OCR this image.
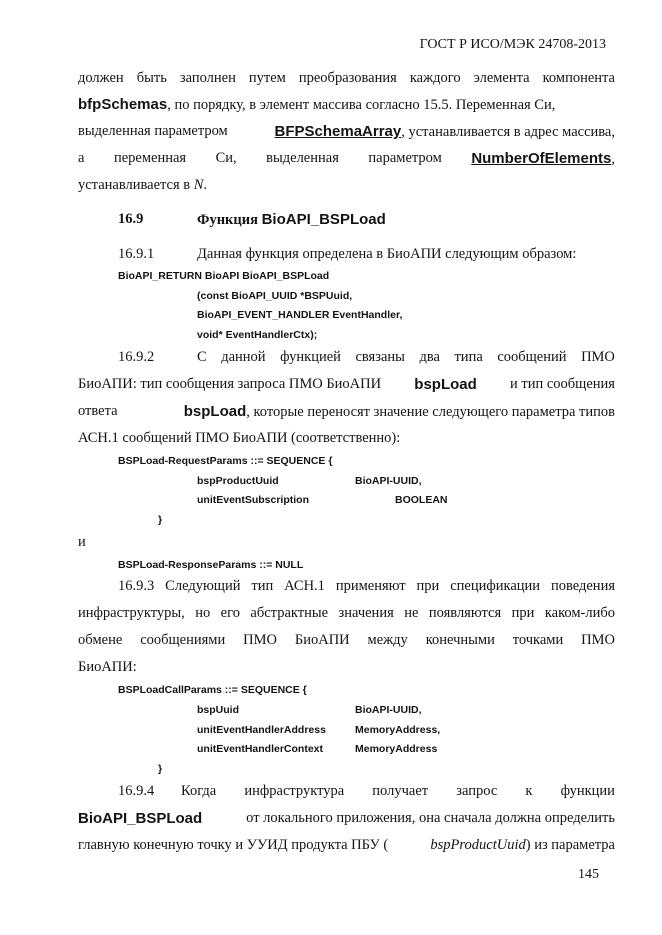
ГОСТ Р ИСО/МЭК 24708-2013
должен быть заполнен путем преобразования каждого элемента компонента
bfpSchemas, по порядку, в элемент массива согласно 15.5. Переменная Си,
выделенная параметром	BFPSchemaArray, устанавливается в адрес массива,
а переменная Си, выделенная параметром NumberOfElements,
устанавливается в N.
16.9	Функция BioAPI_BSPLoad
16.9.1	Данная функция определена в БиоАПИ следующим образом:
BioAPI_RETURN BioAPI BioAPI_BSPLoad
(const BioAPI_UUID *BSPUuid,
BioAPI_EVENT_HANDLER EventHandler,
void* EventHandlerCtx);
16.9.2	С данной функцией связаны два типа сообщений ПМО
БиоАПИ: тип сообщения запроса ПМО БиоАПИ bspLoad и тип сообщения
ответа	bspLoad, которые переносят значение следующего параметра типов
АСН.1 сообщений ПМО БиоАПИ (соответственно):
BSPLoad-RequestParams ::= SEQUENCE {
bspProductUuid	BioAPI-UUID,
unitEventSubscription	BOOLEAN
}
и
BSPLoad-ResponseParams ::= NULL
16.9.3 Следующий тип АСН.1 применяют при спецификации поведения
инфраструктуры, но его абстрактные значения не появляются при каком-либо
обмене сообщениями ПМО БиоАПИ между конечными точками ПМО
БиоАПИ:
BSPLoadCallParams ::= SEQUENCE {
bspUuid	BioAPI-UUID,
unitEventHandlerAddress	MemoryAddress,
unitEventHandlerContext	MemoryAddress
}
16.9.4 Когда инфраструктура получает запрос к функции
BioAPI_BSPLoad	от локального приложения, она сначала должна определить
главную конечную точку и УУИД продукта ПБУ (	bspProductUuid) из параметра
145
